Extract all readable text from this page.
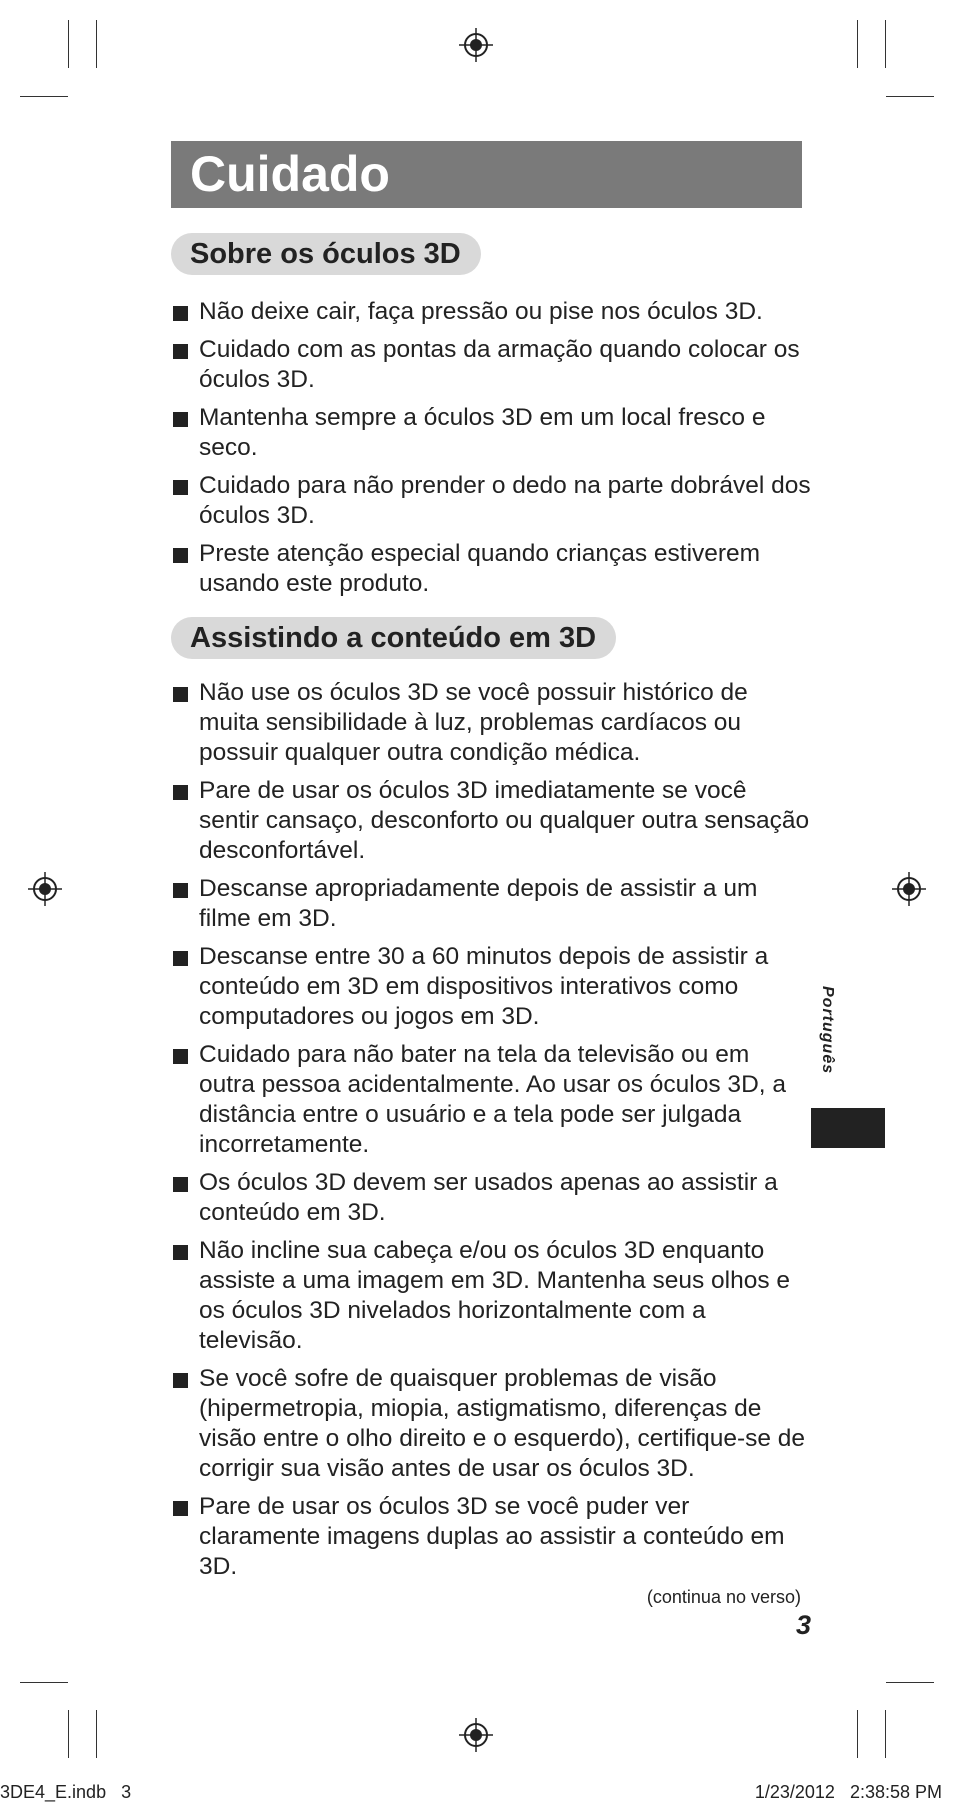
Cuidado
Sobre os óculos 3D
Não deixe cair, faça pressão ou pise nos óculos 3D.
Cuidado com as pontas da armação quando colocar os óculos 3D.
Mantenha sempre a óculos 3D em um local fresco e seco.
Cuidado para não prender o dedo na parte dobrável dos óculos 3D.
Preste atenção especial quando crianças estiverem usando este produto.
Assistindo a conteúdo em 3D
Não use os óculos 3D se você possuir histórico de muita sensibilidade à luz, problemas cardíacos ou possuir qualquer outra condição médica.
Pare de usar os óculos 3D imediatamente se você sentir cansaço, desconforto ou qualquer outra sensação desconfortável.
Descanse apropriadamente depois de assistir a um filme em 3D.
Descanse entre 30 a 60 minutos depois de assistir a conteúdo em 3D em dispositivos interativos como computadores ou jogos em 3D.
Cuidado para não bater na tela da televisão ou em outra pessoa acidentalmente. Ao usar os óculos 3D, a distância entre o usuário e a tela pode ser julgada incorretamente.
Os óculos 3D devem ser usados apenas ao assistir a conteúdo em 3D.
Não incline sua cabeça e/ou os óculos 3D enquanto assiste a uma imagem em 3D. Mantenha seus olhos e os óculos 3D nivelados horizontalmente com a televisão.
Se você sofre de quaisquer problemas de visão (hipermetropia, miopia, astigmatismo, diferenças de visão entre o olho direito e o esquerdo), certifique-se de corrigir sua visão antes de usar os óculos 3D.
Pare de usar os óculos 3D se você puder ver claramente imagens duplas ao assistir a conteúdo em 3D.
(continua no verso)
3
Português
3DE4_E.indb   3	1/23/2012   2:38:58 PM
